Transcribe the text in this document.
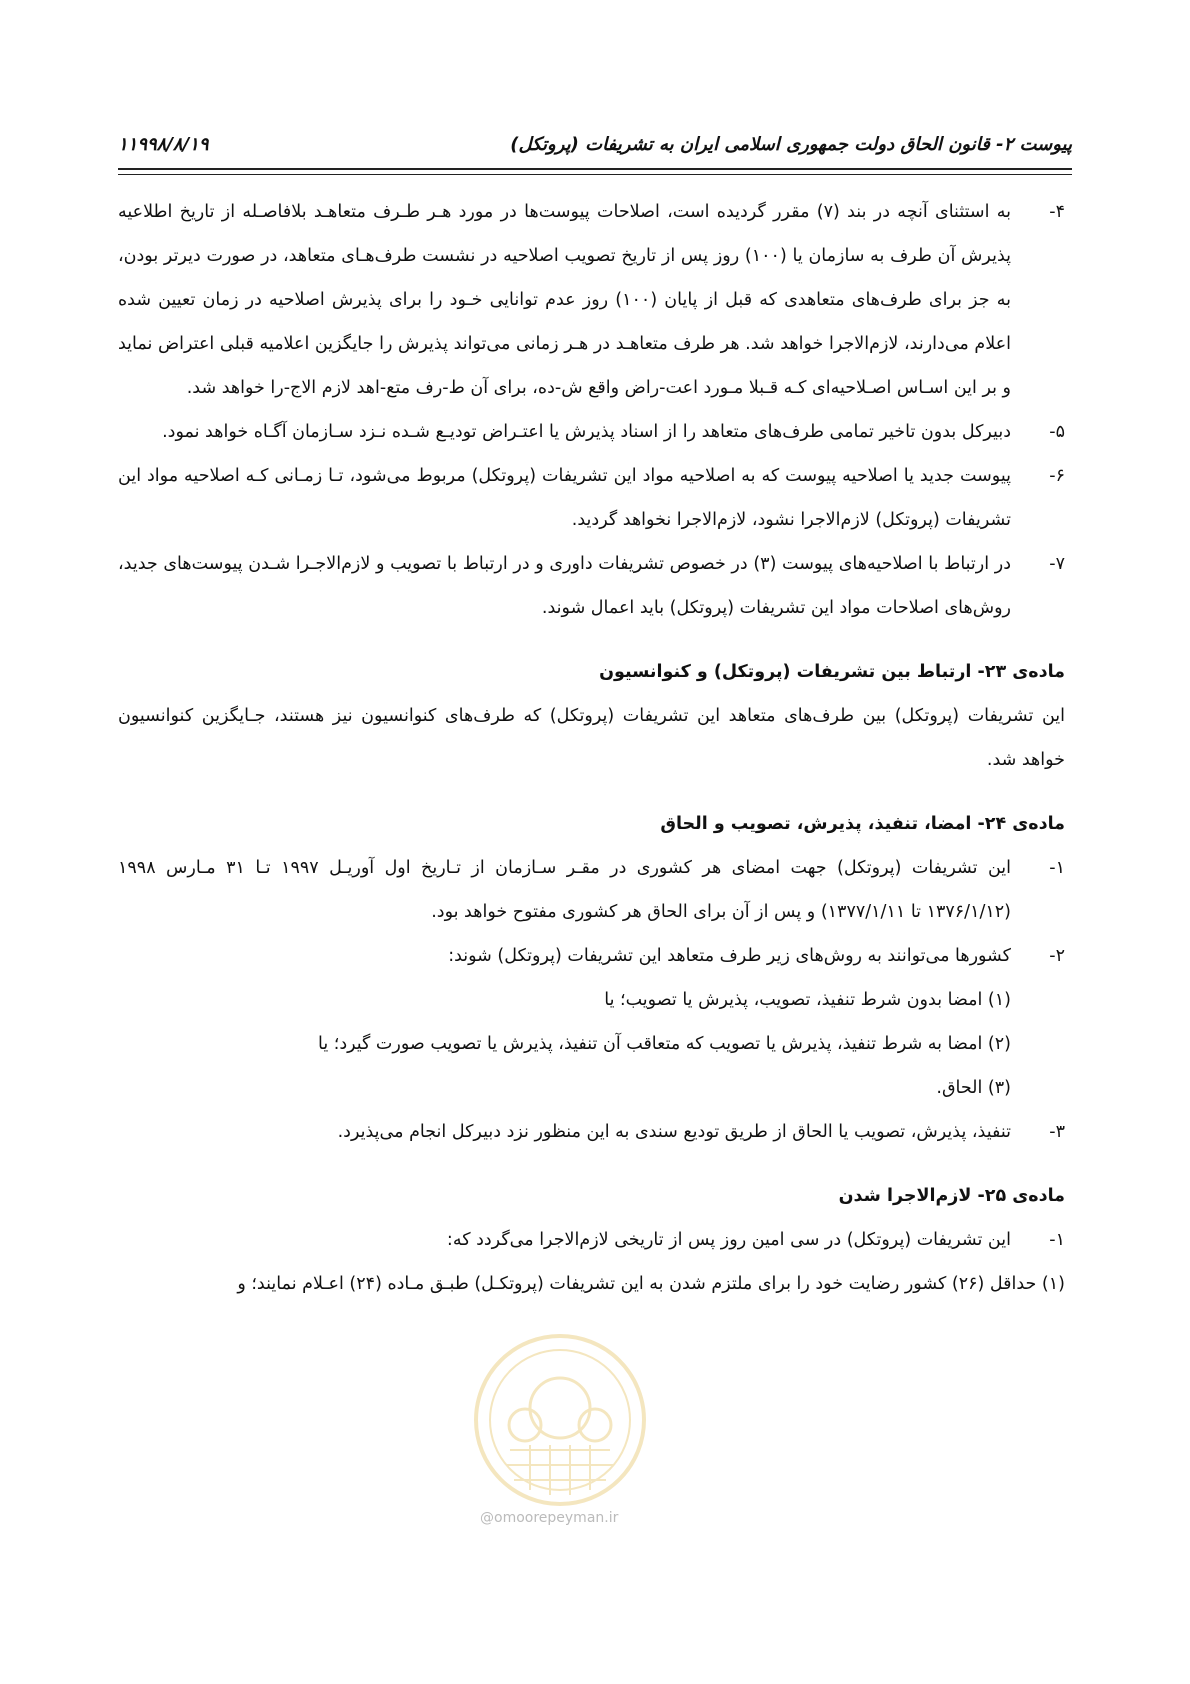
پیوست ۲- قانون الحاق دولت جمهوری اسلامی ایران به تشریفات (پروتکل)
۱۱۹۹۸/۸/۱۹
۴-
به استثنای آنچه در بند (۷) مقرر گردیده است، اصلاحات پیوست‌ها در مورد هـر طـرف متعاهـد بلافاصـله از تاریخ اطلاعیه پذیرش آن طرف به سازمان یا (۱۰۰) روز پس از تاریخ تصویب اصلاحیه در نشست طرف‌هـای متعاهد، در صورت دیرتر بودن، به جز برای طرف‌های متعاهدی که قبل از پایان (۱۰۰) روز عدم توانایی خـود را برای پذیرش اصلاحیه در زمان تعیین شده اعلام می‌دارند، لازم‌الاجرا خواهد شد. هر طرف متعاهـد در هـر زمانی می‌تواند پذیرش را جایگزین اعلامیه قبلی اعتراض نماید و بر این اسـاس اصـلاحیه‌ای کـه قـبلا مـورد اعت-راض واقع ش-ده، برای آن ط-رف متع-اهد لازم الاج-را خواهد شد.
۵-
دبیرکل بدون تاخیر تمامی طرف‌های متعاهد را از اسناد پذیرش یا اعتـراض تودیـع شـده نـزد سـازمان آگـاه خواهد نمود.
۶-
پیوست جدید یا اصلاحیه پیوست که به اصلاحیه مواد این تشریفات (پروتکل) مربوط می‌شود، تـا زمـانی کـه اصلاحیه مواد این تشریفات (پروتکل) لازم‌الاجرا نشود، لازم‌الاجرا نخواهد گردید.
۷-
در ارتباط با اصلاحیه‌های پیوست (۳) در خصوص تشریفات داوری و در ارتباط با تصویب و لازم‌الاجـرا شـدن پیوست‌های جدید، روش‌های اصلاحات مواد این تشریفات (پروتکل) باید اعمال شوند.
ماده‌ی ۲۳- ارتباط بین تشریفات (پروتکل) و کنوانسیون
این تشریفات (پروتکل) بین طرف‌های متعاهد این تشریفات (پروتکل) که طرف‌های کنوانسیون نیز هستند، جـایگزین کنوانسیون خواهد شد.
ماده‌ی ۲۴- امضا، تنفیذ، پذیرش، تصویب و الحاق
۱-
این تشریفات (پروتکل) جهت امضای هر کشوری در مقـر سـازمان از تـاریخ اول آوریـل ۱۹۹۷ تـا ۳۱ مـارس ۱۹۹۸ (۱۳۷۶/۱/۱۲ تا ۱۳۷۷/۱/۱۱) و پس از آن برای الحاق هر کشوری مفتوح خواهد بود.
۲-
کشورها می‌توانند به روش‌های زیر طرف متعاهد این تشریفات (پروتکل) شوند:
(۱) امضا بدون شرط تنفیذ، تصویب، پذیرش یا تصویب؛ یا
(۲) امضا به شرط تنفیذ، پذیرش یا تصویب که متعاقب آن تنفیذ، پذیرش یا تصویب صورت گیرد؛ یا
(۳) الحاق.
۳-
تنفیذ، پذیرش، تصویب یا الحاق از طریق تودیع سندی به این منظور نزد دبیرکل انجام می‌پذیرد.
ماده‌ی ۲۵- لازم‌الاجرا شدن
۱-
این تشریفات (پروتکل) در سی امین روز پس از تاریخی لازم‌الاجرا می‌گردد که:
(۱) حداقل (۲۶) کشور رضایت خود را برای ملتزم شدن به این تشریفات (پروتکـل) طبـق مـاده (۲۴) اعـلام نمایند؛ و
@omoorepeyman.ir
